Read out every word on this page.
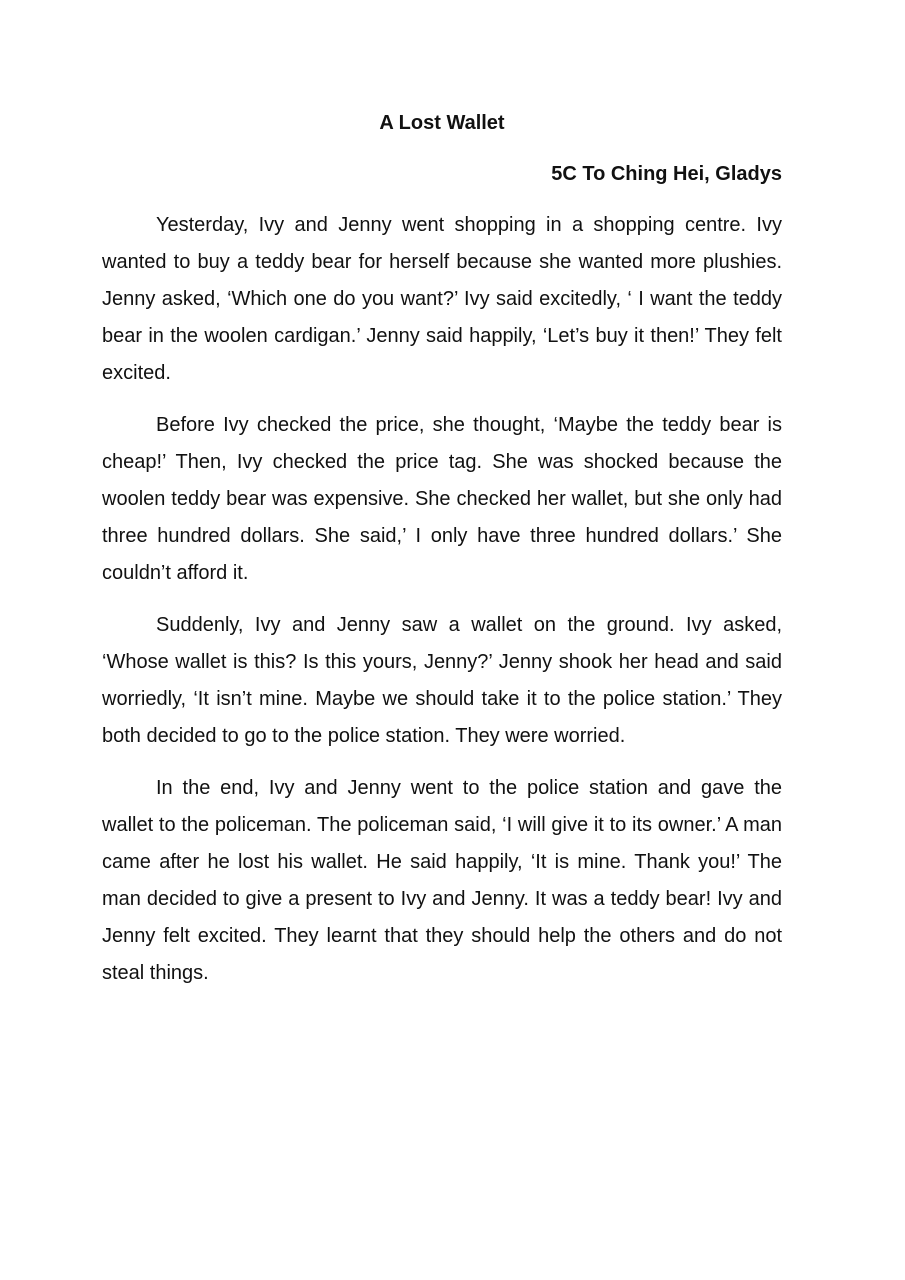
A Lost Wallet
5C To Ching Hei, Gladys

Yesterday, Ivy and Jenny went shopping in a shopping centre. Ivy wanted to buy a teddy bear for herself because she wanted more plushies. Jenny asked, ‘Which one do you want?’ Ivy said excitedly, ‘ I want the teddy bear in the woolen cardigan.’ Jenny said happily, ‘Let’s buy it then!’ They felt excited.

Before Ivy checked the price, she thought, ‘Maybe the teddy bear is cheap!’ Then, Ivy checked the price tag. She was shocked because the woolen teddy bear was expensive. She checked her wallet, but she only had three hundred dollars. She said,’ I only have three hundred dollars.’ She couldn’t afford it.

Suddenly, Ivy and Jenny saw a wallet on the ground. Ivy asked, ‘Whose wallet is this? Is this yours, Jenny?’ Jenny shook her head and said worriedly, ‘It isn’t mine. Maybe we should take it to the police station.’ They both decided to go to the police station. They were worried.

In the end, Ivy and Jenny went to the police station and gave the wallet to the policeman. The policeman said, ‘I will give it to its owner.’ A man came after he lost his wallet. He said happily, ‘It is mine. Thank you!’ The man decided to give a present to Ivy and Jenny. It was a teddy bear! Ivy and Jenny felt excited. They learnt that they should help the others and do not steal things.
